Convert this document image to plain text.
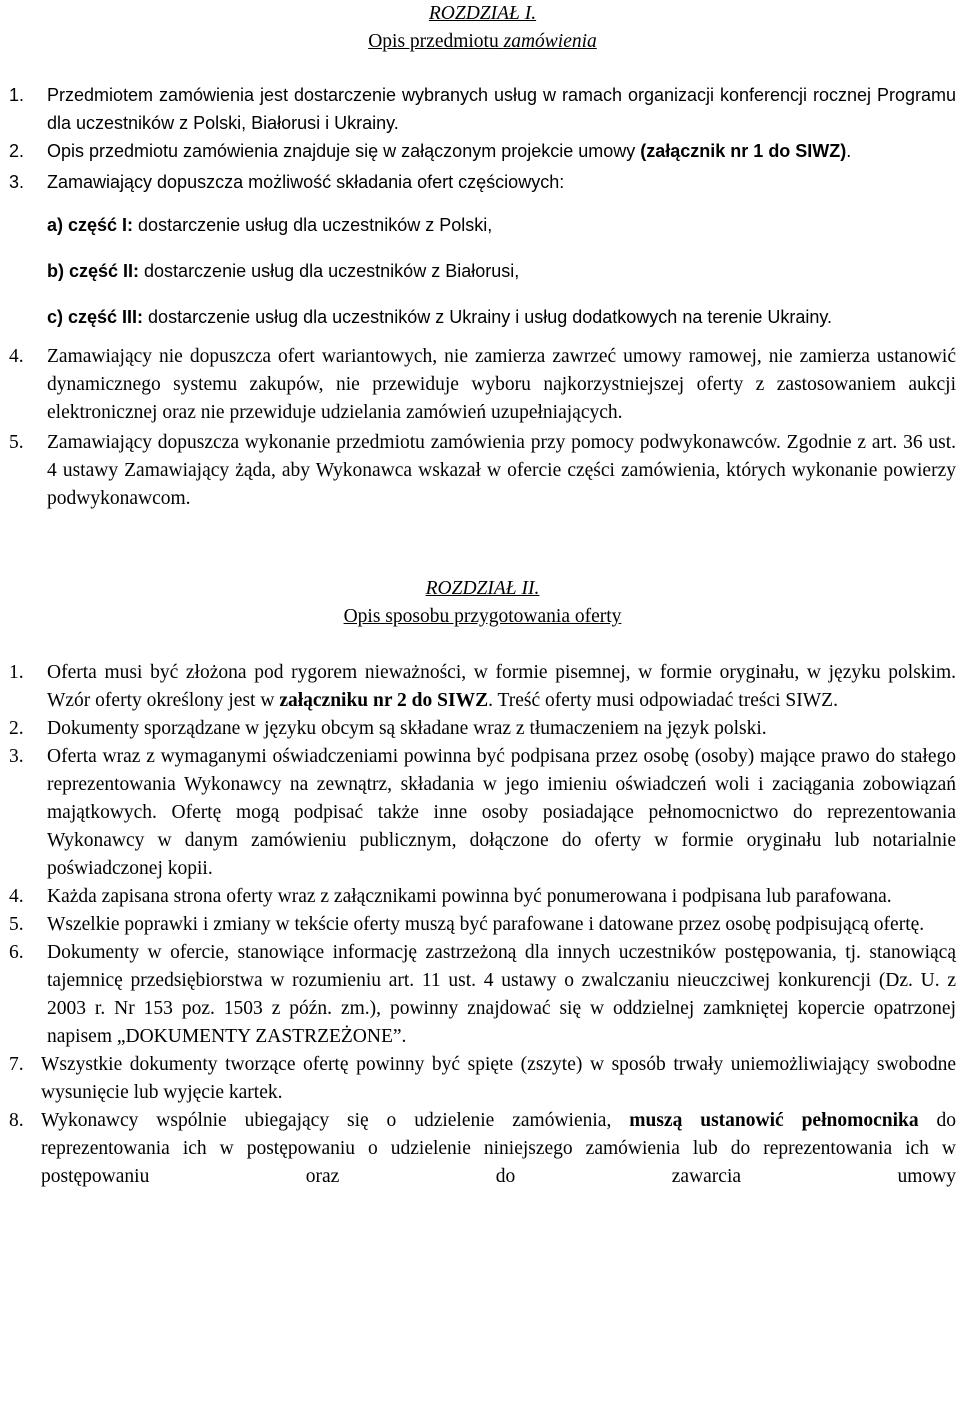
ROZDZIAŁ I.

Opis przedmiotu zamówienia

1.	Przedmiotem zamówienia jest dostarczenie wybranych usług w ramach organizacji konferencji rocznej Programu dla uczestników z Polski, Białorusi i Ukrainy.
2.	Opis przedmiotu zamówienia znajduje się w załączonym projekcie umowy (załącznik nr 1 do SIWZ).
3.	Zamawiający dopuszcza możliwość składania ofert częściowych:
a) część I: dostarczenie usług dla uczestników z Polski,
b) część II: dostarczenie usług dla uczestników z Białorusi,
c) część III: dostarczenie usług dla uczestników z Ukrainy i usług dodatkowych na terenie Ukrainy.
4.	Zamawiający nie dopuszcza ofert wariantowych, nie zamierza zawrzeć umowy ramowej, nie zamierza ustanowić dynamicznego systemu zakupów, nie przewiduje wyboru najkorzystniejszej oferty z zastosowaniem aukcji elektronicznej oraz nie przewiduje udzielania zamówień uzupełniających.
5.	Zamawiający dopuszcza wykonanie przedmiotu zamówienia przy pomocy podwykonawców. Zgodnie z art. 36 ust. 4 ustawy Zamawiający żąda, aby Wykonawca wskazał w ofercie części zamówienia, których wykonanie powierzy podwykonawcom.

ROZDZIAŁ II.

Opis sposobu przygotowania oferty

1.	Oferta musi być złożona pod rygorem nieważności, w formie pisemnej, w formie oryginału, w języku polskim. Wzór oferty określony jest w załączniku nr 2 do SIWZ. Treść oferty musi odpowiadać treści SIWZ.
2.	Dokumenty sporządzane w języku obcym są składane wraz z tłumaczeniem na język polski.
3.	Oferta wraz z wymaganymi oświadczeniami powinna być podpisana przez osobę (osoby) mające prawo do stałego reprezentowania Wykonawcy na zewnątrz, składania w jego imieniu oświadczeń woli i zaciągania zobowiązań majątkowych. Ofertę mogą podpisać także inne osoby posiadające pełnomocnictwo do reprezentowania Wykonawcy w danym zamówieniu publicznym, dołączone do oferty w formie oryginału lub notarialnie poświadczonej kopii.
4.	Każda zapisana strona oferty wraz z załącznikami powinna być ponumerowana i podpisana lub parafowana.
5.	Wszelkie poprawki i zmiany w tekście oferty muszą być parafowane i datowane przez osobę podpisującą ofertę.
6.	Dokumenty w ofercie, stanowiące informację zastrzeżoną dla innych uczestników postępowania, tj. stanowiącą tajemnicę przedsiębiorstwa w rozumieniu art. 11 ust. 4 ustawy o zwalczaniu nieuczciwej konkurencji (Dz. U. z 2003 r. Nr 153 poz. 1503 z późn. zm.), powinny znajdować się w oddzielnej zamkniętej kopercie opatrzonej napisem „DOKUMENTY ZASTRZEŻONE”.
7. Wszystkie dokumenty tworzące ofertę powinny być spięte (zszyte) w sposób trwały uniemożliwiający swobodne wysunięcie lub wyjęcie kartek.
8. Wykonawcy wspólnie ubiegający się o udzielenie zamówienia, muszą ustanowić pełnomocnika do reprezentowania ich w postępowaniu o udzielenie niniejszego zamówienia lub do reprezentowania ich w postępowaniu oraz do zawarcia umowy
